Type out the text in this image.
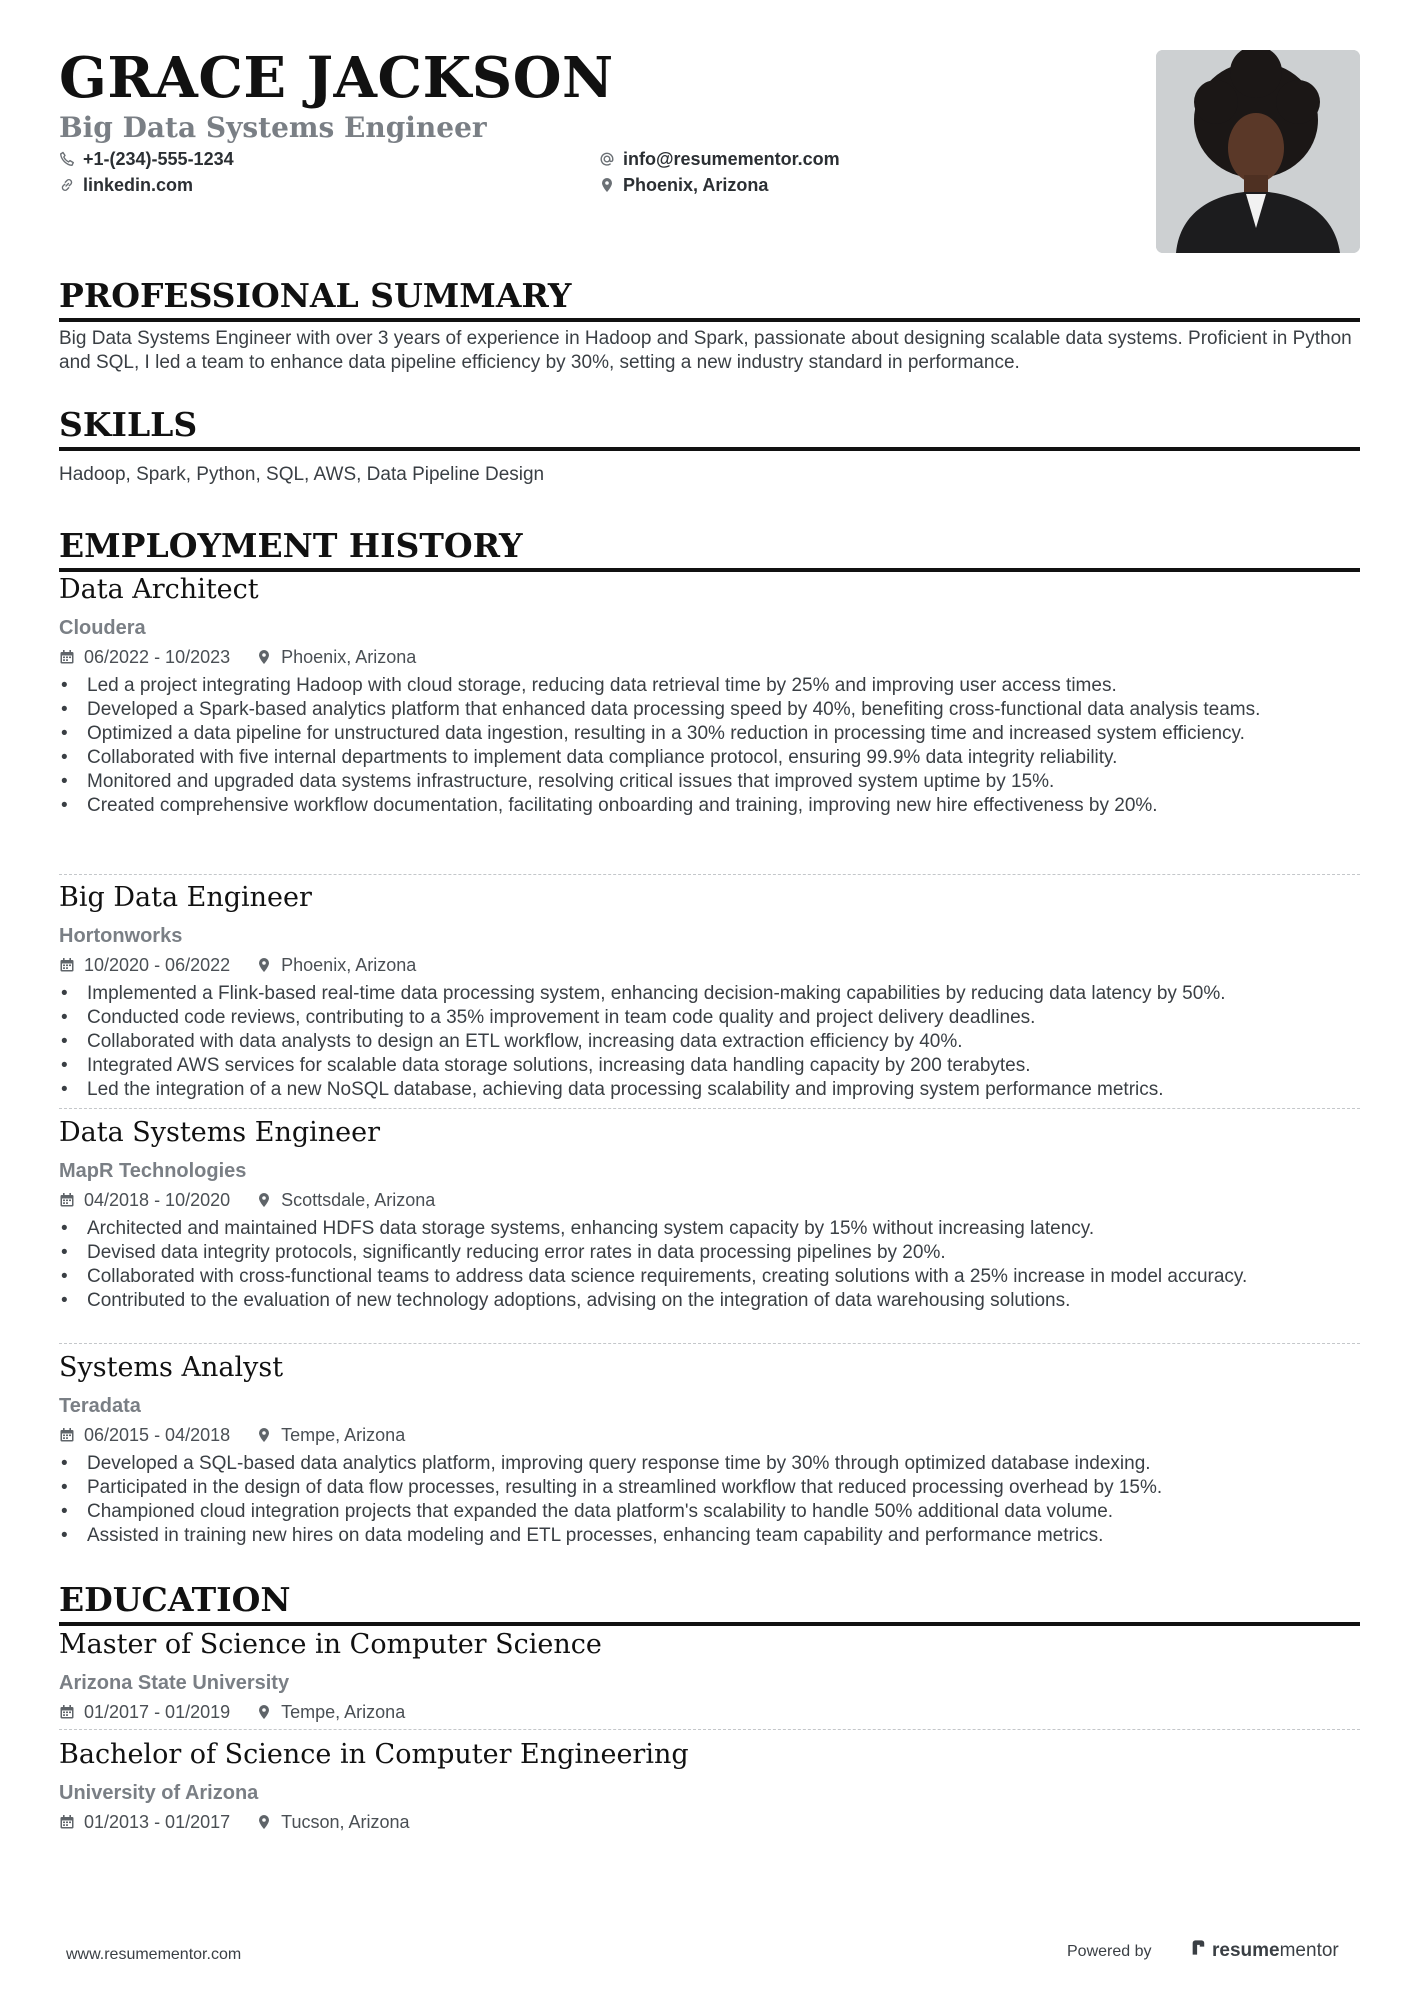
GRACE JACKSON
Big Data Systems Engineer
+1-(234)-555-1234	info@resumementor.com
linkedin.com	Phoenix, Arizona
PROFESSIONAL SUMMARY
Big Data Systems Engineer with over 3 years of experience in Hadoop and Spark, passionate about designing scalable data systems. Proficient in Python and SQL, I led a team to enhance data pipeline efficiency by 30%, setting a new industry standard in performance.
SKILLS
Hadoop, Spark, Python, SQL, AWS, Data Pipeline Design
EMPLOYMENT HISTORY
Data Architect
Cloudera
06/2022 - 10/2023	Phoenix, Arizona
• Led a project integrating Hadoop with cloud storage, reducing data retrieval time by 25% and improving user access times.
• Developed a Spark-based analytics platform that enhanced data processing speed by 40%, benefiting cross-functional data analysis teams.
• Optimized a data pipeline for unstructured data ingestion, resulting in a 30% reduction in processing time and increased system efficiency.
• Collaborated with five internal departments to implement data compliance protocol, ensuring 99.9% data integrity reliability.
• Monitored and upgraded data systems infrastructure, resolving critical issues that improved system uptime by 15%.
• Created comprehensive workflow documentation, facilitating onboarding and training, improving new hire effectiveness by 20%.
Big Data Engineer
Hortonworks
10/2020 - 06/2022	Phoenix, Arizona
• Implemented a Flink-based real-time data processing system, enhancing decision-making capabilities by reducing data latency by 50%.
• Conducted code reviews, contributing to a 35% improvement in team code quality and project delivery deadlines.
• Collaborated with data analysts to design an ETL workflow, increasing data extraction efficiency by 40%.
• Integrated AWS services for scalable data storage solutions, increasing data handling capacity by 200 terabytes.
• Led the integration of a new NoSQL database, achieving data processing scalability and improving system performance metrics.
Data Systems Engineer
MapR Technologies
04/2018 - 10/2020	Scottsdale, Arizona
• Architected and maintained HDFS data storage systems, enhancing system capacity by 15% without increasing latency.
• Devised data integrity protocols, significantly reducing error rates in data processing pipelines by 20%.
• Collaborated with cross-functional teams to address data science requirements, creating solutions with a 25% increase in model accuracy.
• Contributed to the evaluation of new technology adoptions, advising on the integration of data warehousing solutions.
Systems Analyst
Teradata
06/2015 - 04/2018	Tempe, Arizona
• Developed a SQL-based data analytics platform, improving query response time by 30% through optimized database indexing.
• Participated in the design of data flow processes, resulting in a streamlined workflow that reduced processing overhead by 15%.
• Championed cloud integration projects that expanded the data platform's scalability to handle 50% additional data volume.
• Assisted in training new hires on data modeling and ETL processes, enhancing team capability and performance metrics.
EDUCATION
Master of Science in Computer Science
Arizona State University
01/2017 - 01/2019	Tempe, Arizona
Bachelor of Science in Computer Engineering
University of Arizona
01/2013 - 01/2017	Tucson, Arizona
www.resumementor.com	Powered by	resumementor
